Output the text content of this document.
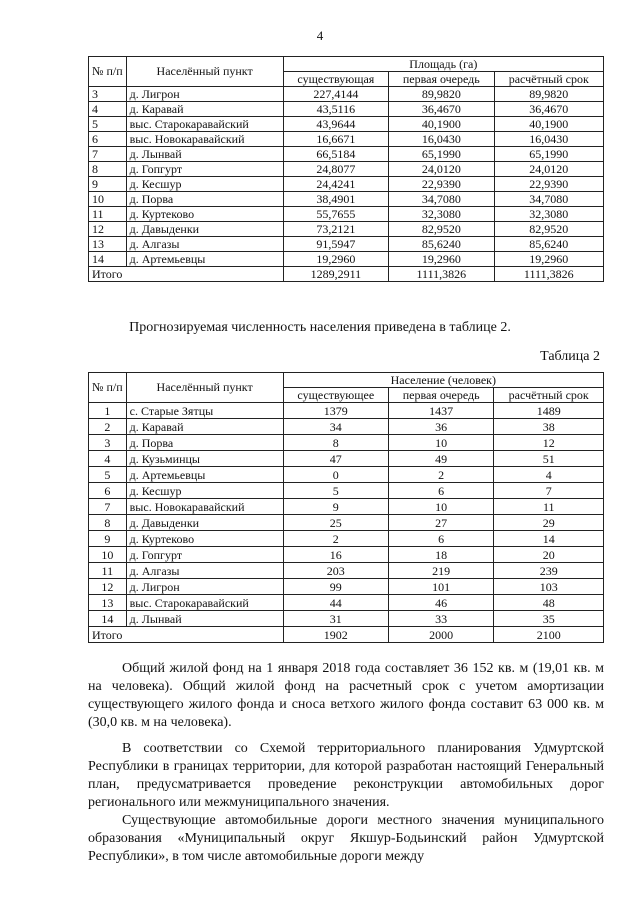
4
№ п/п	Населённый пункт	Площадь (га)		
		существующая	первая очередь	расчётный срок
3	д. Лигрон	227,4144	89,9820	89,9820
4	д. Каравай	43,5116	36,4670	36,4670
5	выс. Старокаравайский	43,9644	40,1900	40,1900
6	выс. Новокаравайский	16,6671	16,0430	16,0430
7	д. Лынвай	66,5184	65,1990	65,1990
8	д. Гопгурт	24,8077	24,0120	24,0120
9	д. Кесшур	24,4241	22,9390	22,9390
10	д. Порва	38,4901	34,7080	34,7080
11	д. Куртеково	55,7655	32,3080	32,3080
12	д. Давыденки	73,2121	82,9520	82,9520
13	д. Алгазы	91,5947	85,6240	85,6240
14	д. Артемьевцы	19,2960	19,2960	19,2960
Итого		1289,2911	1111,3826	1111,3826
Прогнозируемая численность населения приведена в таблице 2.
Таблица 2
№ п/п	Населённый пункт	Население (человек)		
		существующее	первая очередь	расчётный срок
1	с. Старые Зятцы	1379	1437	1489
2	д. Каравай	34	36	38
3	д. Порва	8	10	12
4	д. Кузьминцы	47	49	51
5	д. Артемьевцы	0	2	4
6	д. Кесшур	5	6	7
7	выс. Новокаравайский	9	10	11
8	д. Давыденки	25	27	29
9	д. Куртеково	2	6	14
10	д. Гопгурт	16	18	20
11	д. Алгазы	203	219	239
12	д. Лигрон	99	101	103
13	выс. Старокаравайский	44	46	48
14	д. Лынвай	31	33	35
Итого		1902	2000	2100
Общий жилой фонд на 1 января 2018 года составляет 36 152 кв. м (19,01 кв. м на человека). Общий жилой фонд на расчетный срок с учетом амортизации существующего жилого фонда и сноса ветхого жилого фонда составит 63 000 кв. м (30,0 кв. м на человека).
В соответствии со Схемой территориального планирования Удмуртской Республики в границах территории, для которой разработан настоящий Генеральный план, предусматривается проведение реконструкции автомобильных дорог регионального или межмуниципального значения.
Существующие автомобильные дороги местного значения муниципального образования «Муниципальный округ Якшур-Бодьинский район Удмуртской Республики», в том числе автомобильные дороги между
